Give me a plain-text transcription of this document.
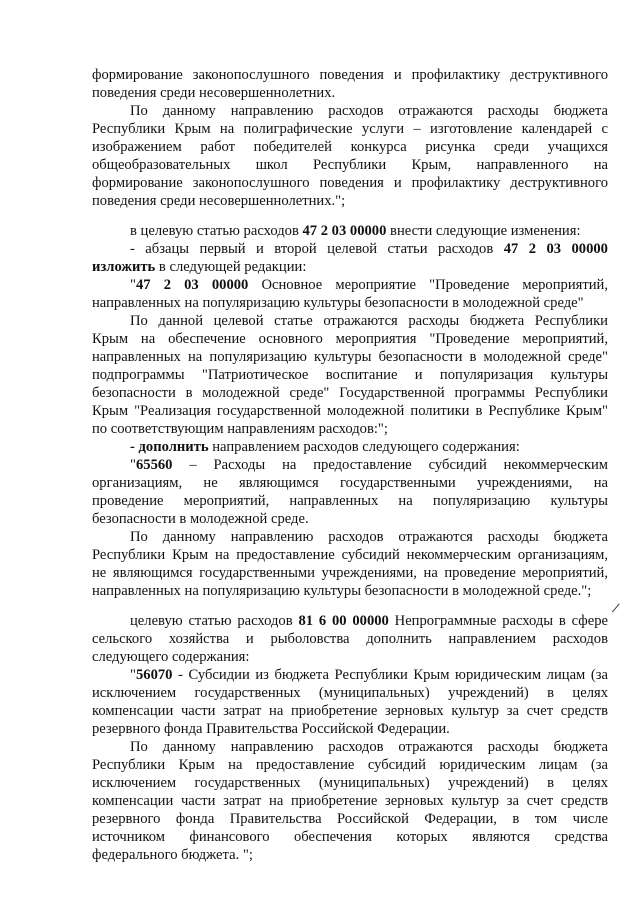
формирование законопослушного поведения и профилактику деструктивного
поведения среди несовершеннолетних.
По данному направлению расходов отражаются расходы бюджета
Республики Крым на полиграфические услуги – изготовление календарей с
изображением работ победителей конкурса рисунка среди учащихся
общеобразовательных школ Республики Крым, направленного на
формирование законопослушного поведения и профилактику деструктивного
поведения среди несовершеннолетних.";
в целевую статью расходов 47 2 03 00000 внести следующие изменения:
- абзацы первый и второй целевой статьи расходов 47 2 03 00000
изложить в следующей редакции:
"47 2 03 00000 Основное мероприятие "Проведение мероприятий,
направленных на популяризацию культуры безопасности в молодежной среде"
По данной целевой статье отражаются расходы бюджета Республики
Крым на обеспечение основного мероприятия "Проведение мероприятий,
направленных на популяризацию культуры безопасности в молодежной среде"
подпрограммы "Патриотическое воспитание и популяризация культуры
безопасности в молодежной среде" Государственной программы Республики
Крым "Реализация государственной молодежной политики в Республике Крым"
по соответствующим направлениям расходов:";
- дополнить направлением расходов следующего содержания:
"65560 – Расходы на предоставление субсидий некоммерческим
организациям, не являющимся государственными учреждениями, на
проведение мероприятий, направленных на популяризацию культуры
безопасности в молодежной среде.
По данному направлению расходов отражаются расходы бюджета
Республики Крым на предоставление субсидий некоммерческим организациям,
не являющимся государственными учреждениями, на проведение мероприятий,
направленных на популяризацию культуры безопасности в молодежной среде.";
целевую статью расходов 81 6 00 00000 Непрограммные расходы в сфере
сельского хозяйства и рыболовства дополнить направлением расходов
следующего содержания:
"56070 - Субсидии из бюджета Республики Крым юридическим лицам (за
исключением государственных (муниципальных) учреждений) в целях
компенсации части затрат на приобретение зерновых культур за счет средств
резервного фонда Правительства Российской Федерации.
По данному направлению расходов отражаются расходы бюджета
Республики Крым на предоставление субсидий юридическим лицам (за
исключением государственных (муниципальных) учреждений) в целях
компенсации части затрат на приобретение зерновых культур за счет средств
резервного фонда Правительства Российской Федерации, в том числе
источником финансового обеспечения которых являются средства
федерального бюджета. ";
